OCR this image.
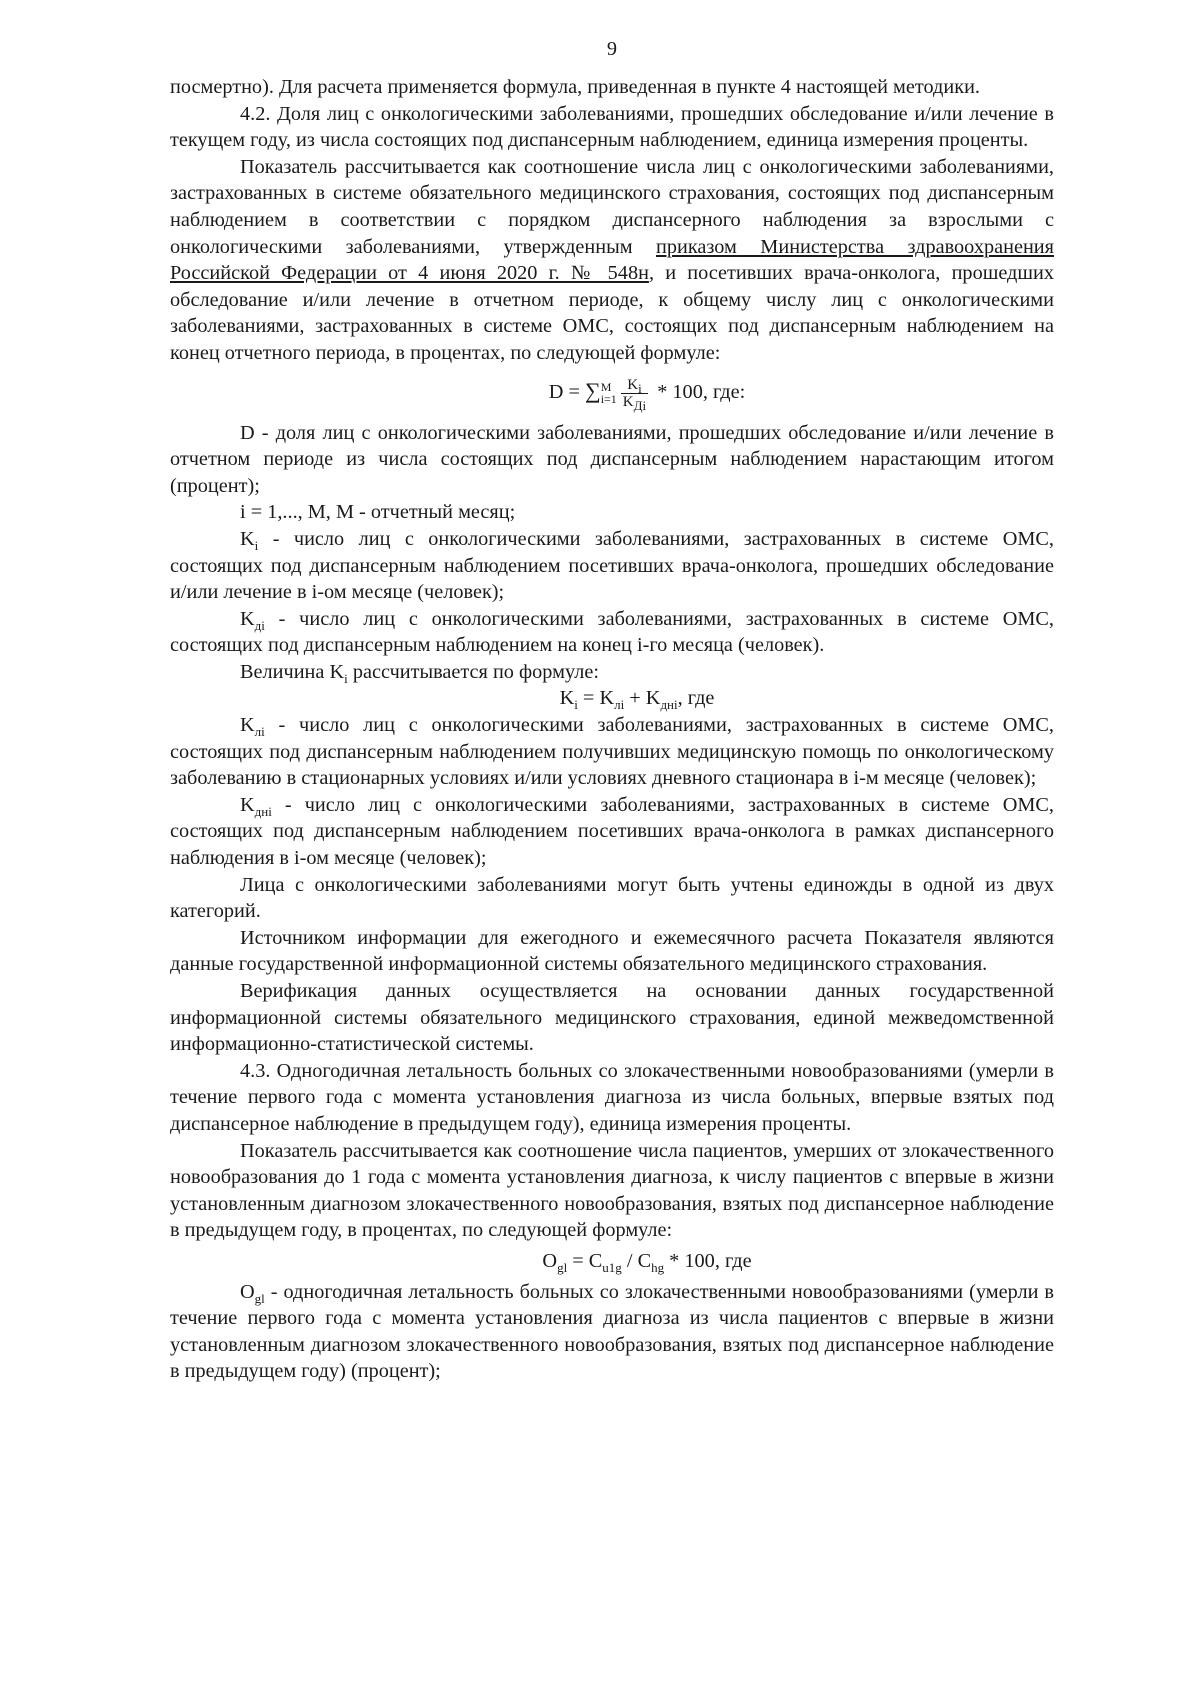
9

посмертно). Для расчета применяется формула, приведенная в пункте 4 настоящей методики.

4.2. Доля лиц с онкологическими заболеваниями, прошедших обследование и/или лечение в текущем году, из числа состоящих под диспансерным наблюдением, единица измерения проценты.

Показатель рассчитывается как соотношение числа лиц с онкологическими заболеваниями, застрахованных в системе обязательного медицинского страхования, состоящих под диспансерным наблюдением в соответствии с порядком диспансерного наблюдения за взрослыми с онкологическими заболеваниями, утвержденным приказом Министерства здравоохранения Российской Федерации от 4 июня 2020 г. № 548н, и посетивших врача-онколога, прошедших обследование и/или лечение в отчетном периоде, к общему числу лиц с онкологическими заболеваниями, застрахованных в системе ОМС, состоящих под диспансерным наблюдением на конец отчетного периода, в процентах, по следующей формуле:

D = ∑ M
$i=1 \frac{K_i}{K_{Дi}} * 100$, где:

D - доля лиц с онкологическими заболеваниями, прошедших обследование и/или лечение в отчетном периоде из числа состоящих под диспансерным наблюдением нарастающим итогом (процент);

i = 1,..., M, M - отчетный месяц;

$K_i$ - число лиц с онкологическими заболеваниями, застрахованных в системе ОМС, состоящих под диспансерным наблюдением посетивших врача-онколога, прошедших обследование и/или лечение в i-ом месяце (человек);

$K_{дi}$ - число лиц с онкологическими заболеваниями, застрахованных в системе ОМС, состоящих под диспансерным наблюдением на конец i-го месяца (человек).

Величина $K_i$ рассчитывается по формуле:

$K_i = K_{лi} + K_{днi}$, где

$K_{лi}$ - число лиц с онкологическими заболеваниями, застрахованных в системе ОМС, состоящих под диспансерным наблюдением получивших медицинскую помощь по онкологическому заболеванию в стационарных условиях и/или условиях дневного стационара в i-м месяце (человек);

$K_{днi}$ - число лиц с онкологическими заболеваниями, застрахованных в системе ОМС, состоящих под диспансерным наблюдением посетивших врача-онколога в рамках диспансерного наблюдения в i-ом месяце (человек);

Лица с онкологическими заболеваниями могут быть учтены единожды в одной из двух категорий.

Источником информации для ежегодного и ежемесячного расчета Показателя являются данные государственной информационной системы обязательного медицинского страхования.

Верификация данных осуществляется на основании данных государственной информационной системы обязательного медицинского страхования, единой межведомственной информационно-статистической системы.

4.3. Одногодичная летальность больных со злокачественными новообразованиями (умерли в течение первого года с момента установления диагноза из числа больных, впервые взятых под диспансерное наблюдение в предыдущем году), единица измерения проценты.

Показатель рассчитывается как соотношение числа пациентов, умерших от злокачественного новообразования до 1 года с момента установления диагноза, к числу пациентов с впервые в жизни установленным диагнозом злокачественного новообразования, взятых под диспансерное наблюдение в предыдущем году, в процентах, по следующей формуле:

$O_{gl} = C_{u1g} / C_{hg} * 100$, где

$O_{gl}$ - одногодичная летальность больных со злокачественными новообразованиями (умерли в течение первого года с момента установления диагноза из числа пациентов с впервые в жизни установленным диагнозом злокачественного новообразования, взятых под диспансерное наблюдение в предыдущем году) (процент);
